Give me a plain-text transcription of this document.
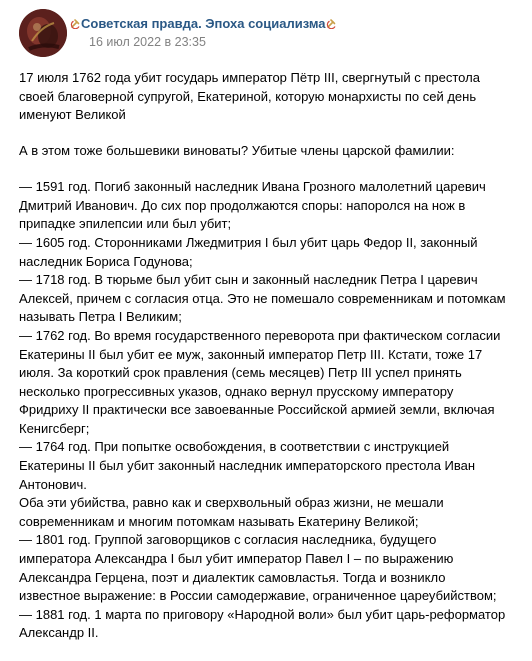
Советская правда. Эпоха социализма
16 июл 2022 в 23:35
17 июля 1762 года убит государь император Пётр III, свергнутый с престола
своей благоверной супругой, Екатериной, которую монархисты по сей день
именуют Великой
А в этом тоже большевики виноваты? Убитые члены царской фамилии:
— 1591 год. Погиб законный наследник Ивана Грозного малолетний царевич
Дмитрий Иванович. До сих пор продолжаются споры: напоролся на нож в
припадке эпилепсии или был убит;
— 1605 год. Сторонниками Лжедмитрия I был убит царь Федор II, законный
наследник Бориса Годунова;
— 1718 год. В тюрьме был убит сын и законный наследник Петра I царевич
Алексей, причем с согласия отца. Это не помешало современникам и потомкам
называть Петра I Великим;
— 1762 год. Во время государственного переворота при фактическом согласии
Екатерины II был убит ее муж, законный император Петр III. Кстати, тоже 17
июля. За короткий срок правления (семь месяцев) Петр III успел принять
несколько прогрессивных указов, однако вернул прусскому императору
Фридриху II практически все завоеванные Российской армией земли, включая
Кенигсберг;
— 1764 год. При попытке освобождения, в соответствии с инструкцией
Екатерины II был убит законный наследник императорского престола Иван
Антонович.
Оба эти убийства, равно как и сверхвольный образ жизни, не мешали
современникам и многим потомкам называть Екатерину Великой;
— 1801 год. Группой заговорщиков с согласия наследника, будущего
императора Александра I был убит император Павел I – по выражению
Александра Герцена, поэт и диалектик самовластья. Тогда и возникло
известное выражение: в России самодержавие, ограниченное цареубийством;
— 1881 год. 1 марта по приговору «Народной воли» был убит царь-реформатор
Александр II.
